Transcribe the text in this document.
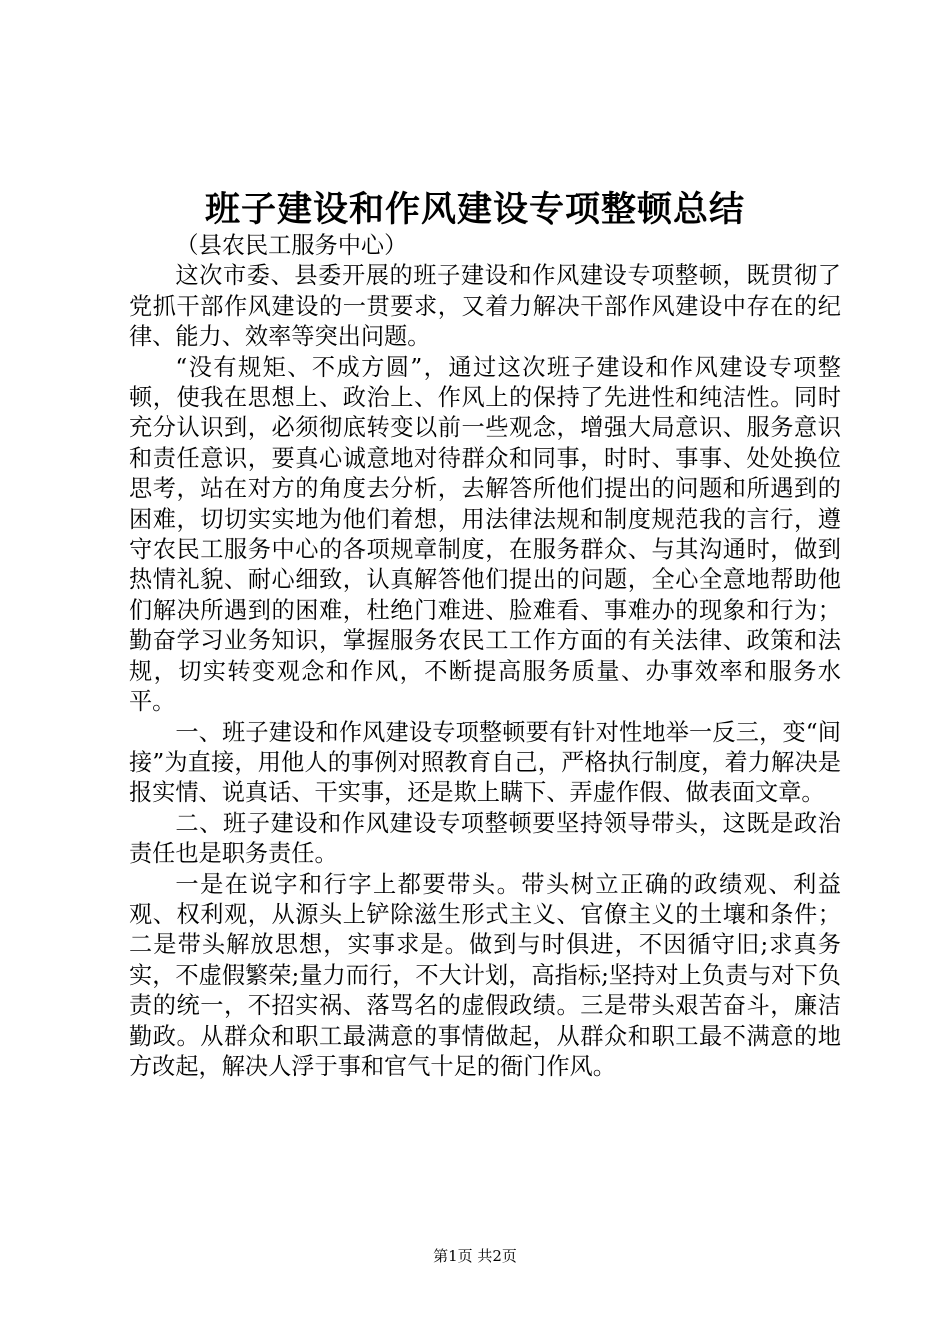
班子建设和作风建设专项整顿总结

（县农民工服务中心）

这次市委、县委开展的班子建设和作风建设专项整顿，既贯彻了党抓干部作风建设的一贯要求，又着力解决干部作风建设中存在的纪律、能力、效率等突出问题。

“没有规矩、不成方圆”，通过这次班子建设和作风建设专项整顿，使我在思想上、政治上、作风上的保持了先进性和纯洁性。同时充分认识到，必须彻底转变以前一些观念，增强大局意识、服务意识和责任意识，要真心诚意地对待群众和同事，时时、事事、处处换位思考，站在对方的角度去分析，去解答所他们提出的问题和所遇到的困难，切切实实地为他们着想，用法律法规和制度规范我的言行，遵守农民工服务中心的各项规章制度，在服务群众、与其沟通时，做到热情礼貌、耐心细致，认真解答他们提出的问题，全心全意地帮助他们解决所遇到的困难，杜绝门难进、脸难看、事难办的现象和行为；勤奋学习业务知识，掌握服务农民工工作方面的有关法律、政策和法规，切实转变观念和作风，不断提高服务质量、办事效率和服务水平。

一、班子建设和作风建设专项整顿要有针对性地举一反三，变“间接”为直接，用他人的事例对照教育自己，严格执行制度，着力解决是报实情、说真话、干实事，还是欺上瞒下、弄虚作假、做表面文章。

二、班子建设和作风建设专项整顿要坚持领导带头，这既是政治责任也是职务责任。

一是在说字和行字上都要带头。带头树立正确的政绩观、利益观、权利观，从源头上铲除滋生形式主义、官僚主义的土壤和条件；二是带头解放思想，实事求是。做到与时俱进，不因循守旧;求真务实，不虚假繁荣;量力而行，不大计划，高指标;坚持对上负责与对下负责的统一，不招实祸、落骂名的虚假政绩。三是带头艰苦奋斗，廉洁勤政。从群众和职工最满意的事情做起，从群众和职工最不满意的地方改起，解决人浮于事和官气十足的衙门作风。

第1页 共2页
